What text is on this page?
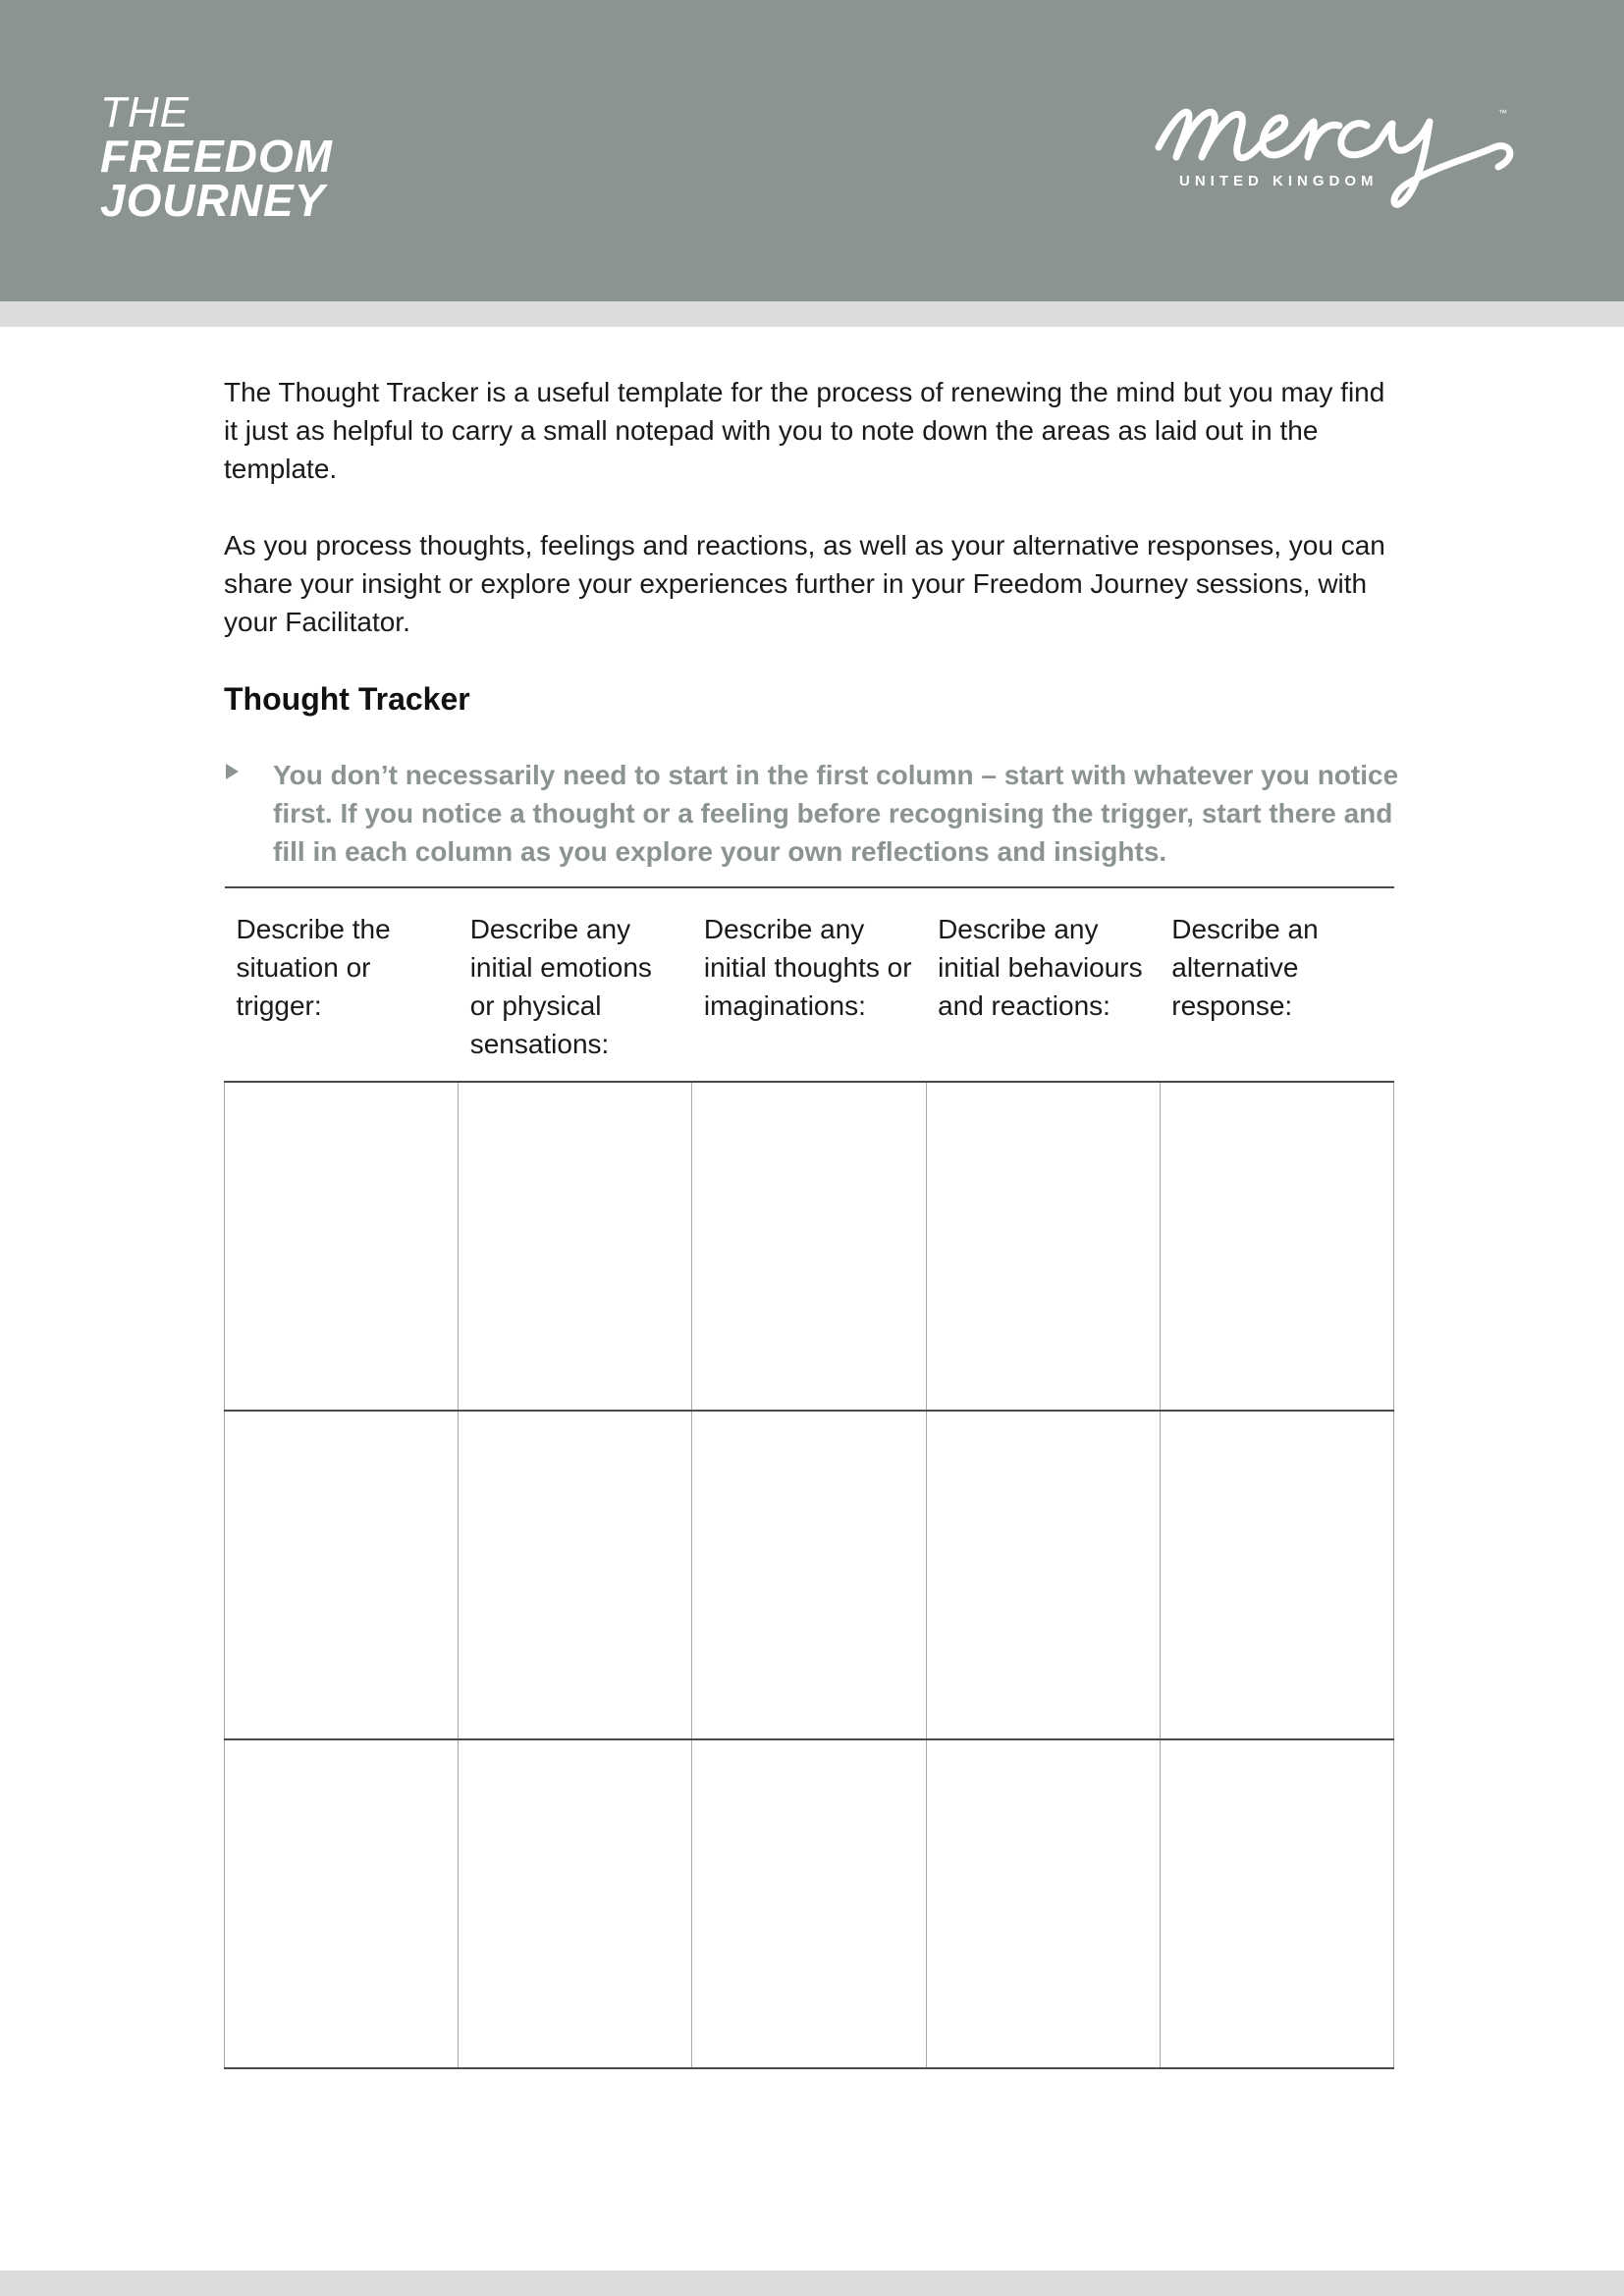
THE
FREEDOM
JOURNEY
™
UNITED KINGDOM

The Thought Tracker is a useful template for the process of renewing the mind but you may find it just as helpful to carry a small notepad with you to note down the areas as laid out in the template.

As you process thoughts, feelings and reactions, as well as your alternative responses, you can share your insight or explore your experiences further in your Freedom Journey sessions, with your Facilitator.

Thought Tracker
You don’t necessarily need to start in the first column – start with whatever you notice first. If you notice a thought or a feeling before recognising the trigger, start there and fill in each column as you explore your own reflections and insights.
Describe the situation or trigger:	Describe any initial emotions or physical sensations:	Describe any initial thoughts or imaginations:	Describe any initial behaviours and reactions:	Describe an alternative response:
